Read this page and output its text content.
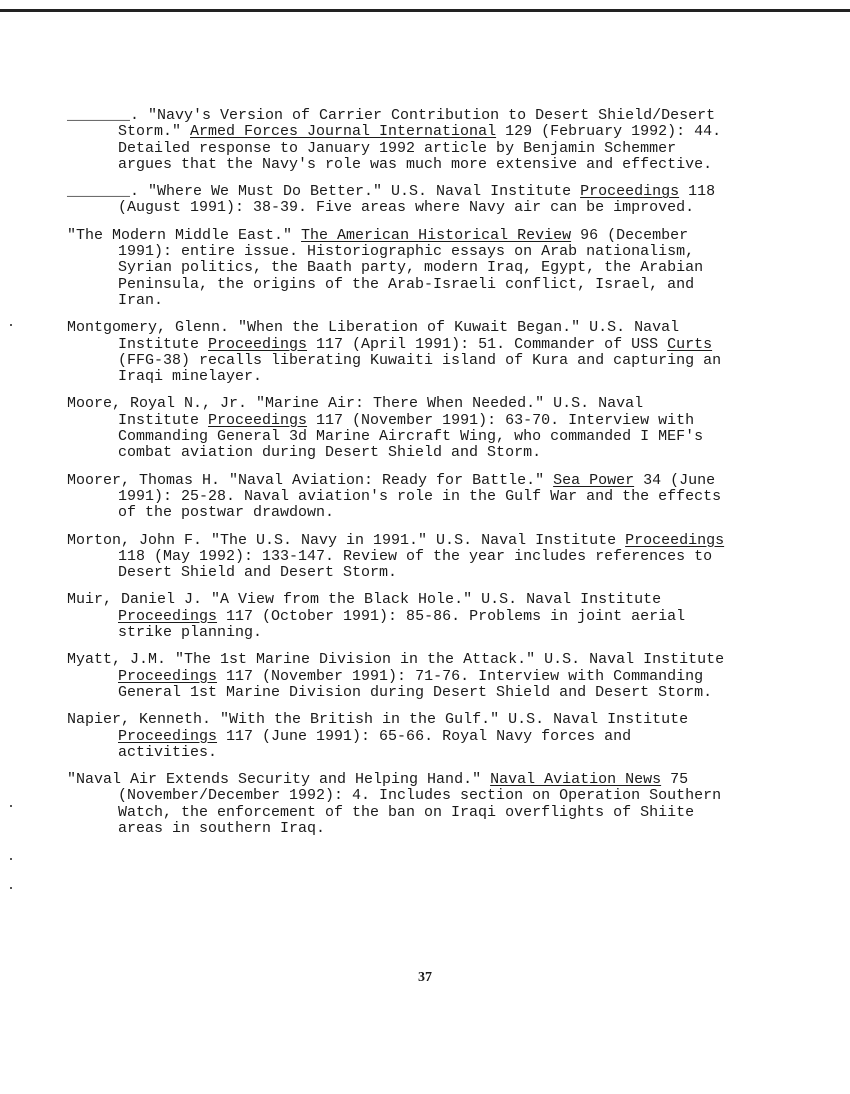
_______. "Navy's Version of Carrier Contribution to Desert Shield/Desert Storm." Armed Forces Journal International 129 (February 1992): 44. Detailed response to January 1992 article by Benjamin Schemmer argues that the Navy's role was much more extensive and effective.

_______. "Where We Must Do Better." U.S. Naval Institute Proceedings 118 (August 1991): 38-39. Five areas where Navy air can be improved.

"The Modern Middle East." The American Historical Review 96 (December 1991): entire issue. Historiographic essays on Arab nationalism, Syrian politics, the Baath party, modern Iraq, Egypt, the Arabian Peninsula, the origins of the Arab-Israeli conflict, Israel, and Iran.

Montgomery, Glenn. "When the Liberation of Kuwait Began." U.S. Naval Institute Proceedings 117 (April 1991): 51. Commander of USS Curts (FFG-38) recalls liberating Kuwaiti island of Kura and capturing an Iraqi minelayer.

Moore, Royal N., Jr. "Marine Air: There When Needed." U.S. Naval Institute Proceedings 117 (November 1991): 63-70. Interview with Commanding General 3d Marine Aircraft Wing, who commanded I MEF's combat aviation during Desert Shield and Storm.

Moorer, Thomas H. "Naval Aviation: Ready for Battle." Sea Power 34 (June 1991): 25-28. Naval aviation's role in the Gulf War and the effects of the postwar drawdown.

Morton, John F. "The U.S. Navy in 1991." U.S. Naval Institute Proceedings 118 (May 1992): 133-147. Review of the year includes references to Desert Shield and Desert Storm.

Muir, Daniel J. "A View from the Black Hole." U.S. Naval Institute Proceedings 117 (October 1991): 85-86. Problems in joint aerial strike planning.

Myatt, J.M. "The 1st Marine Division in the Attack." U.S. Naval Institute Proceedings 117 (November 1991): 71-76. Interview with Commanding General 1st Marine Division during Desert Shield and Desert Storm.

Napier, Kenneth. "With the British in the Gulf." U.S. Naval Institute Proceedings 117 (June 1991): 65-66. Royal Navy forces and activities.

"Naval Air Extends Security and Helping Hand." Naval Aviation News 75 (November/December 1992): 4. Includes section on Operation Southern Watch, the enforcement of the ban on Iraqi overflights of Shiite areas in southern Iraq.

37
